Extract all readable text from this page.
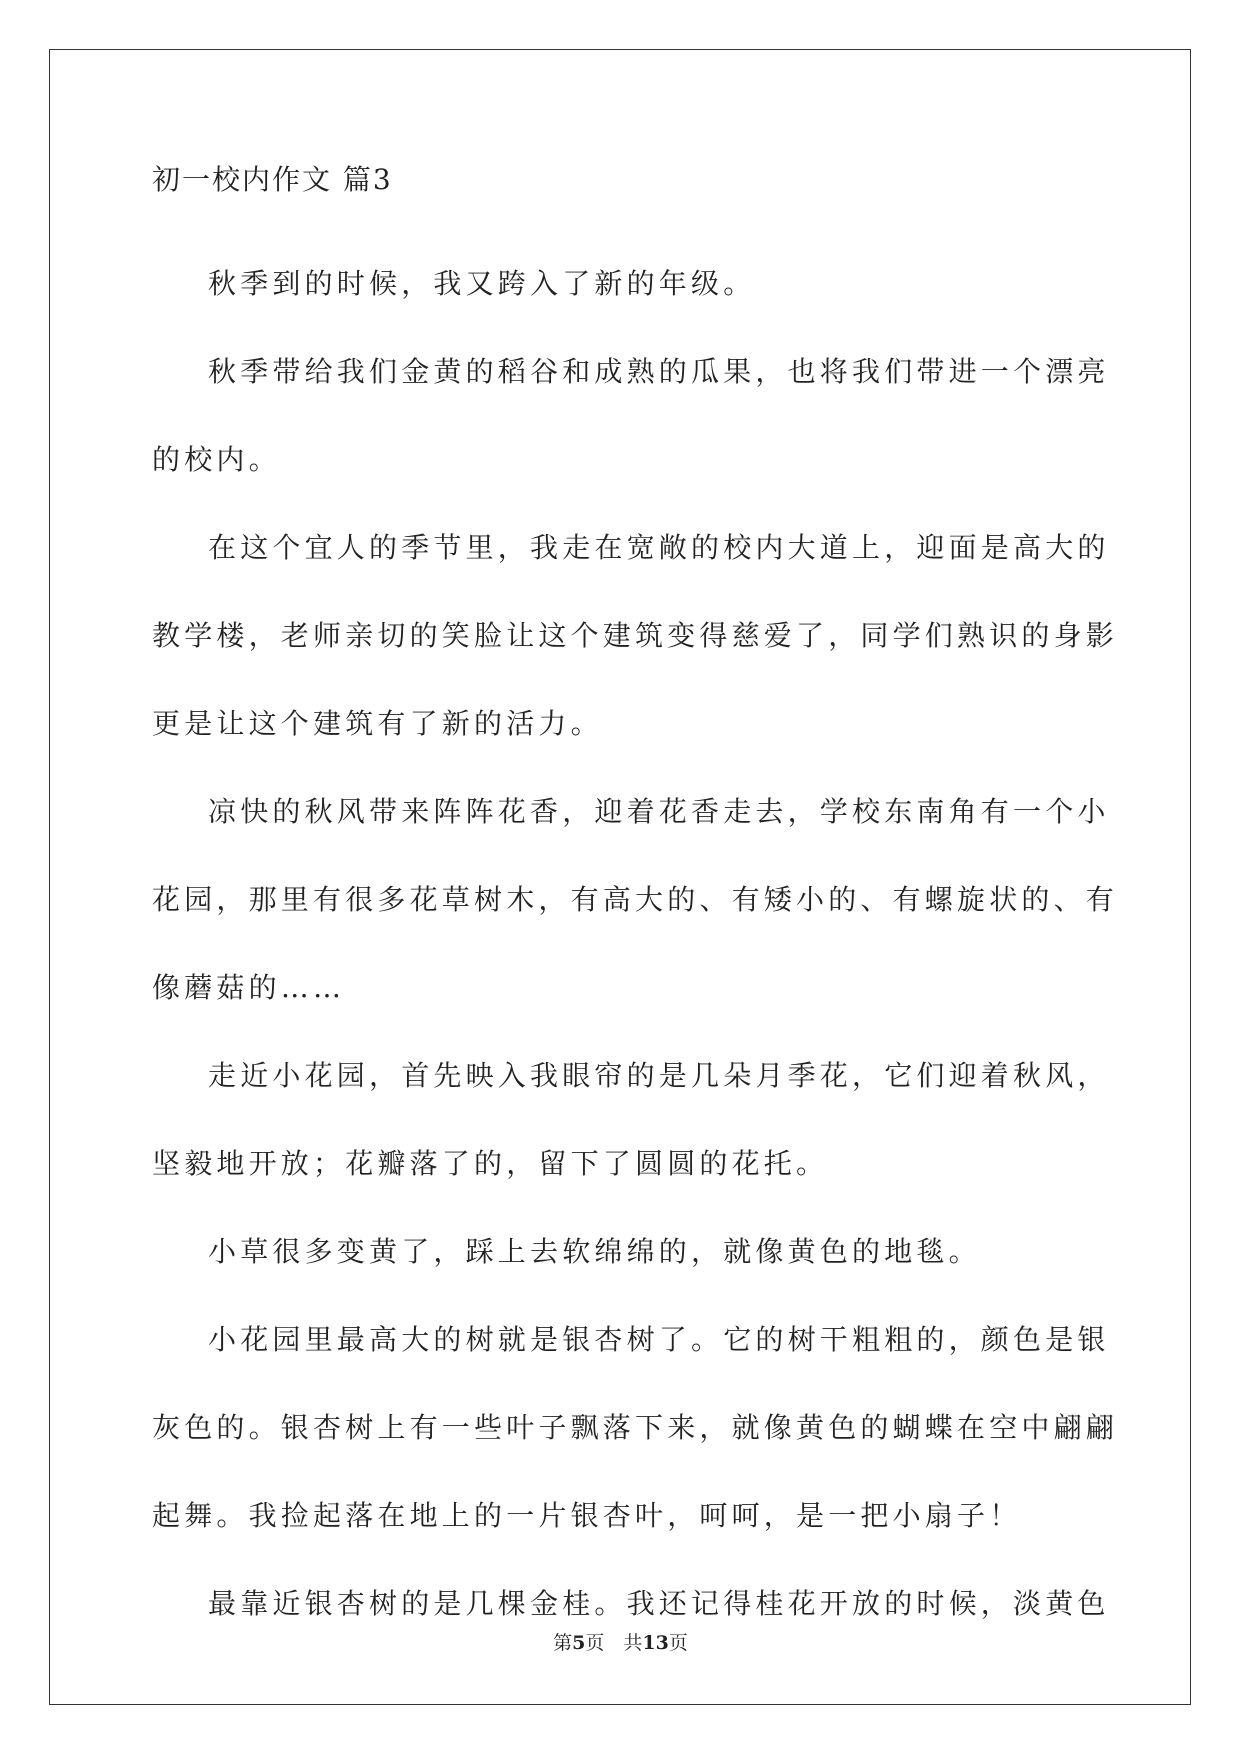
初一校内作文 篇3

秋季到的时候，我又跨入了新的年级。

秋季带给我们金黄的稻谷和成熟的瓜果，也将我们带进一个漂亮
的校内。

在这个宜人的季节里，我走在宽敞的校内大道上，迎面是高大的
教学楼，老师亲切的笑脸让这个建筑变得慈爱了，同学们熟识的身影
更是让这个建筑有了新的活力。

凉快的秋风带来阵阵花香，迎着花香走去，学校东南角有一个小
花园，那里有很多花草树木，有高大的、有矮小的、有螺旋状的、有
像蘑菇的……

走近小花园，首先映入我眼帘的是几朵月季花，它们迎着秋风，
坚毅地开放；花瓣落了的，留下了圆圆的花托。

小草很多变黄了，踩上去软绵绵的，就像黄色的地毯。

小花园里最高大的树就是银杏树了。它的树干粗粗的，颜色是银
灰色的。银杏树上有一些叶子飘落下来，就像黄色的蝴蝶在空中翩翩
起舞。我捡起落在地上的一片银杏叶，呵呵，是一把小扇子！

最靠近银杏树的是几棵金桂。我还记得桂花开放的时候，淡黄色

第5页　共13页
